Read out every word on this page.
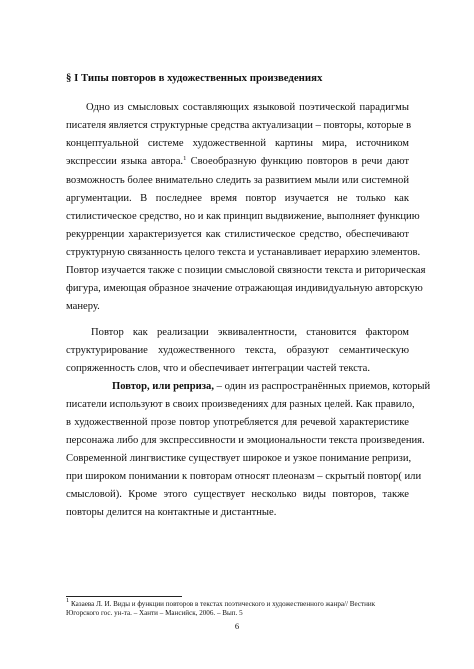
§ I Типы повторов в художественных произведениях
Одно из смысловых составляющих языковой поэтической парадигмы
писателя является структурные средства актуализации – повторы, которые в
концептуальной системе художественной картины мира, источником
экспрессии языка автора.$^1$ Своеобразную функцию повторов в речи дают
возможность более внимательно следить за развитием мыли или системной
аргументации. В последнее время повтор изучается не только как
стилистическое средство, но и как принцип выдвижение, выполняет функцию
рекурренции характеризуется как стилистическое средство, обеспечивают
структурную связанность целого текста и устанавливает иерархию элементов.
Повтор изучается также с позиции смысловой связности текста и риторическая
фигура, имеющая образное значение отражающая индивидуальную авторскую
манеру.
Повтор как реализации эквивалентности, становится фактором
структурирование художественного текста, образуют семантическую
сопряженность слов, что и обеспечивает интеграции частей текста.
Повтор, или реприза, – один из распространённых приемов, который
писатели используют в своих произведениях для разных целей. Как правило,
в художественной прозе повтор употребляется для речевой характеристике
персонажа либо для экспрессивности и эмоциональности текста произведения.
Современной лингвистике существует широкое и узкое понимание репризи,
при широком понимании к повторам относят плеоназм – скрытый повтор( или
смысловой). Кроме этого существует несколько виды повторов, также
повторы делится на контактные и дистантные.
$^1$ Казаева Л. И. Виды и функции повторов в текстах поэтического и художественного жанра// Вестник
Югорского гос. ун-та. – Ханти – Мансийск, 2006. – Вып. 5
6
